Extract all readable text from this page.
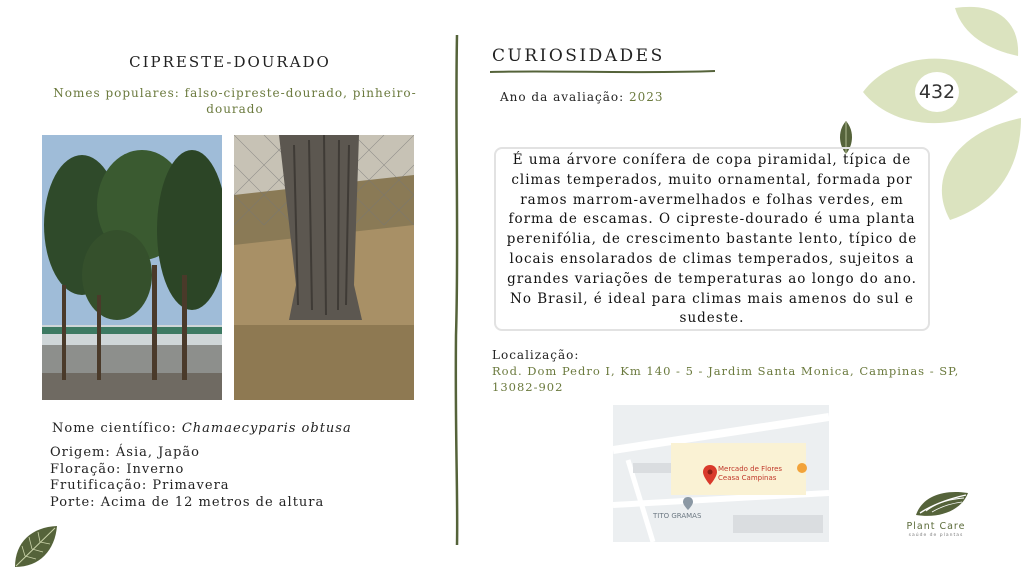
432
CIPRESTE-DOURADO
Nomes populares: falso-cipreste-dourado, pinheiro-dourado
Nome científico: Chamaecyparis obtusa
Origem: Ásia, Japão
Floração: Inverno
Frutificação: Primavera
Porte: Acima de 12 metros de altura
CURIOSIDADES
Ano da avaliação: 2023
É uma árvore conífera de copa piramidal, típica de climas temperados, muito ornamental, formada por ramos marrom-avermelhados e folhas verdes, em forma de escamas. O cipreste-dourado é uma planta perenifólia, de crescimento bastante lento, típico de locais ensolarados de climas temperados, sujeitos a grandes variações de temperaturas ao longo do ano. No Brasil, é ideal para climas mais amenos do sul e sudeste.
Localização:
Rod. Dom Pedro I, Km 140 - 5 - Jardim Santa Monica, Campinas - SP, 13082-902
Mercado de Flores
Ceasa Campinas
TITO GRAMAS
Plant Care
saúde de plantas
